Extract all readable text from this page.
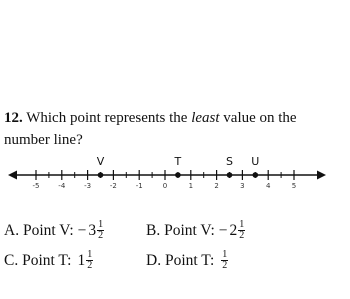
12. Which point represents the least value on the number line?
-5	-4	-3	-2	-1	0	1	2	3	4	5
V	T	S U
A.
Point V: − $3 \frac{1}{2}$	B.
Point V: − $2 \frac{1}{2}$
C.
Point T: $1 \frac{1}{2}$	D.
Point T: $\frac{1}{2}$
